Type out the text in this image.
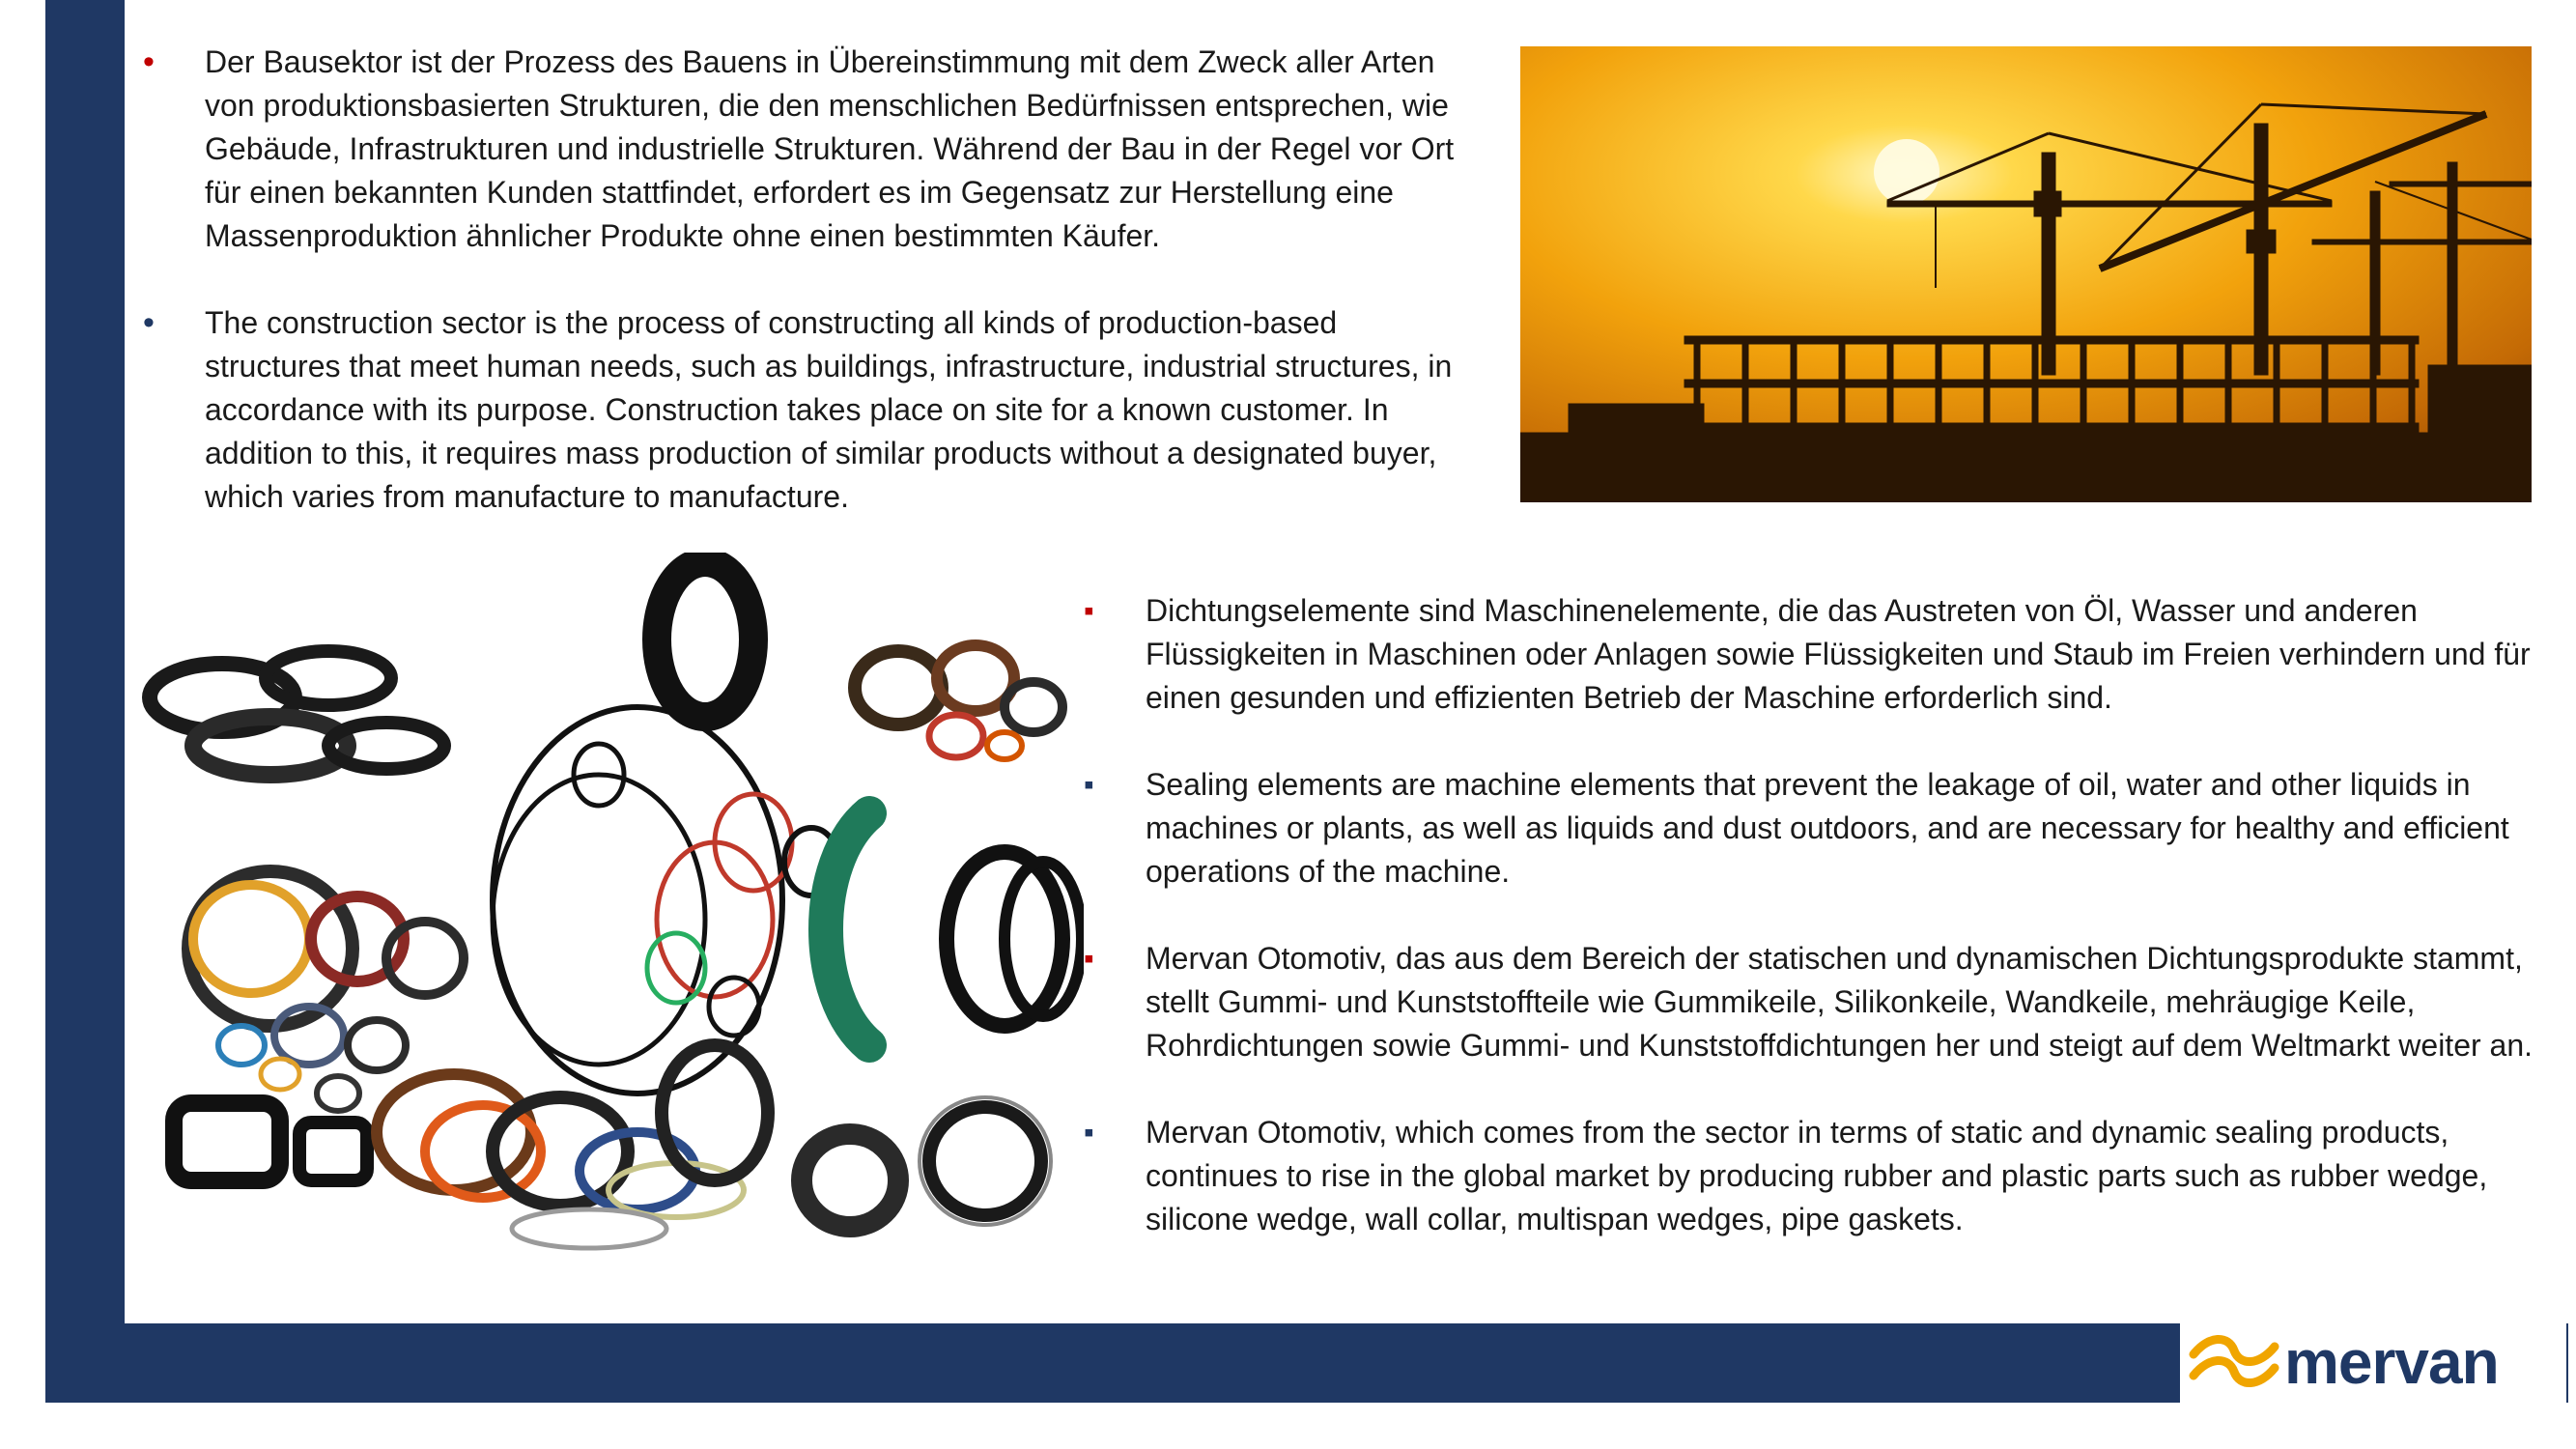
• Der Bausektor ist der Prozess des Bauens in Übereinstimmung mit dem Zweck aller Arten von produktionsbasierten Strukturen, die den menschlichen Bedürfnissen entsprechen, wie Gebäude, Infrastrukturen und industrielle Strukturen. Während der Bau in der Regel vor Ort für einen bekannten Kunden stattfindet, erfordert es im Gegensatz zur Herstellung eine Massenproduktion ähnlicher Produkte ohne einen bestimmten Käufer.
• The construction sector is the process of constructing all kinds of production-based structures that meet human needs, such as buildings, infrastructure, industrial structures, in accordance with its purpose. Construction takes place on site for a known customer. In addition to this, it requires mass production of similar products without a designated buyer, which varies from manufacture to manufacture.
▪ Dichtungselemente sind Maschinenelemente, die das Austreten von Öl, Wasser und anderen Flüssigkeiten in Maschinen oder Anlagen sowie Flüssigkeiten und Staub im Freien verhindern und für einen gesunden und effizienten Betrieb der Maschine erforderlich sind.
▪ Sealing elements are machine elements that prevent the leakage of oil, water and other liquids in machines or plants, as well as liquids and dust outdoors, and are necessary for healthy and efficient operations of the machine.
▪ Mervan Otomotiv, das aus dem Bereich der statischen und dynamischen Dichtungsprodukte stammt, stellt Gummi- und Kunststoffteile wie Gummikeile, Silikonkeile, Wandkeile, mehräugige Keile, Rohrdichtungen sowie Gummi- und Kunststoffdichtungen her und steigt auf dem Weltmarkt weiter an.
▪ Mervan Otomotiv, which comes from the sector in terms of static and dynamic sealing products, continues to rise in the global market by producing rubber and plastic parts such as rubber wedge, silicone wedge, wall collar, multispan wedges, pipe gaskets.
mervan
